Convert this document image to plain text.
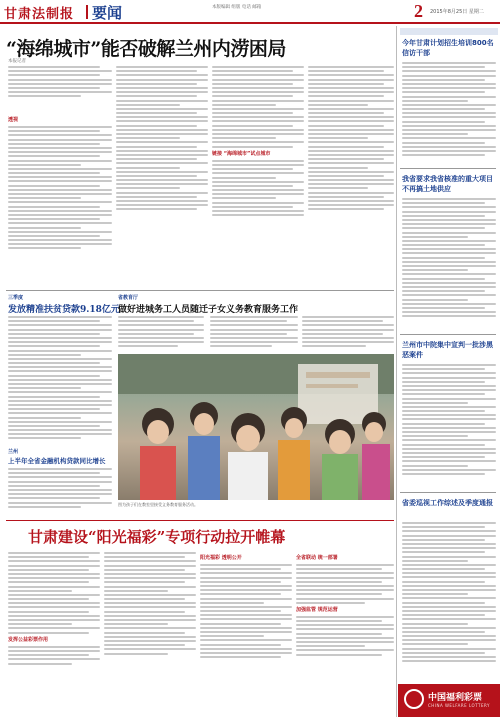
甘肃法制报 要闻	本版编辑 组版 电话 邮箱	2 2015年8月25日 星期二
“海绵城市”能否破解兰州内涝困局
本报记者
透视
链接 “海绵城市”试点城市
三季度
发放精准扶贫贷款9.18亿元
省教育厅
做好进城务工人员随迁子女义务教育服务工作
图为孩子们在教室里接受义务教育服务活动。
兰州
上半年全省金融机构贷款同比增长
甘肃建设“阳光福彩”专项行动拉开帷幕
发挥公益彩票作用
阳光福彩 透明公开	全省联动 统一部署
加强监管 规范运营
今年甘肃计划招生培训800名信访干部
我省要求我省核准的重大项目不再搞土地供应
兰州市中院集中宣判一批涉黑恶案件
省委巡视工作综述及季度通报
中国福利彩票
CHINA WELFARE LOTTERY
